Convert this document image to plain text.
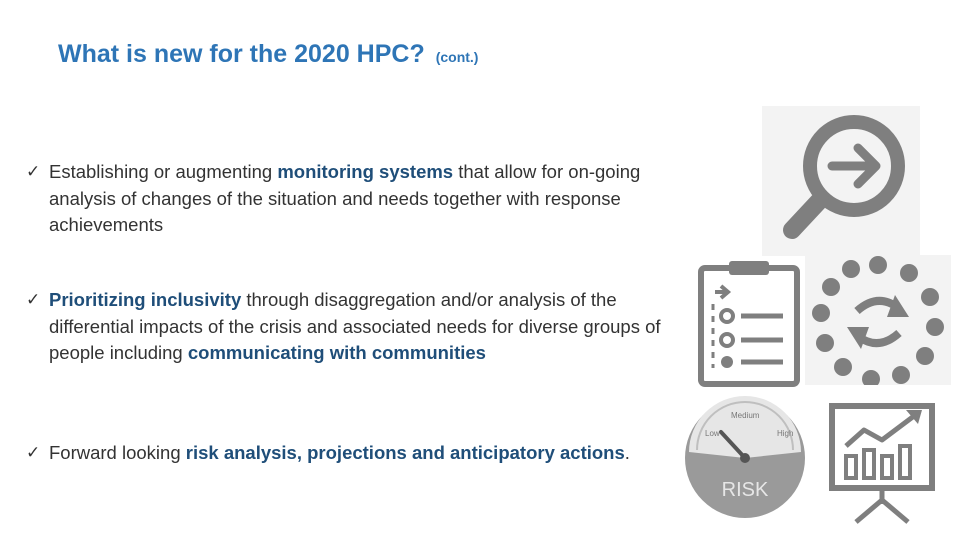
What is new for the 2020 HPC? (cont.)
✓ Establishing or augmenting monitoring systems that allow for on-going analysis of changes of the situation and needs together with response achievements
✓ Prioritizing inclusivity through disaggregation and/or analysis of the differential impacts of the crisis and associated needs for diverse groups of people including communicating with communities
✓ Forward looking risk analysis, projections and anticipatory actions.
Low
Medium
High
RISK
